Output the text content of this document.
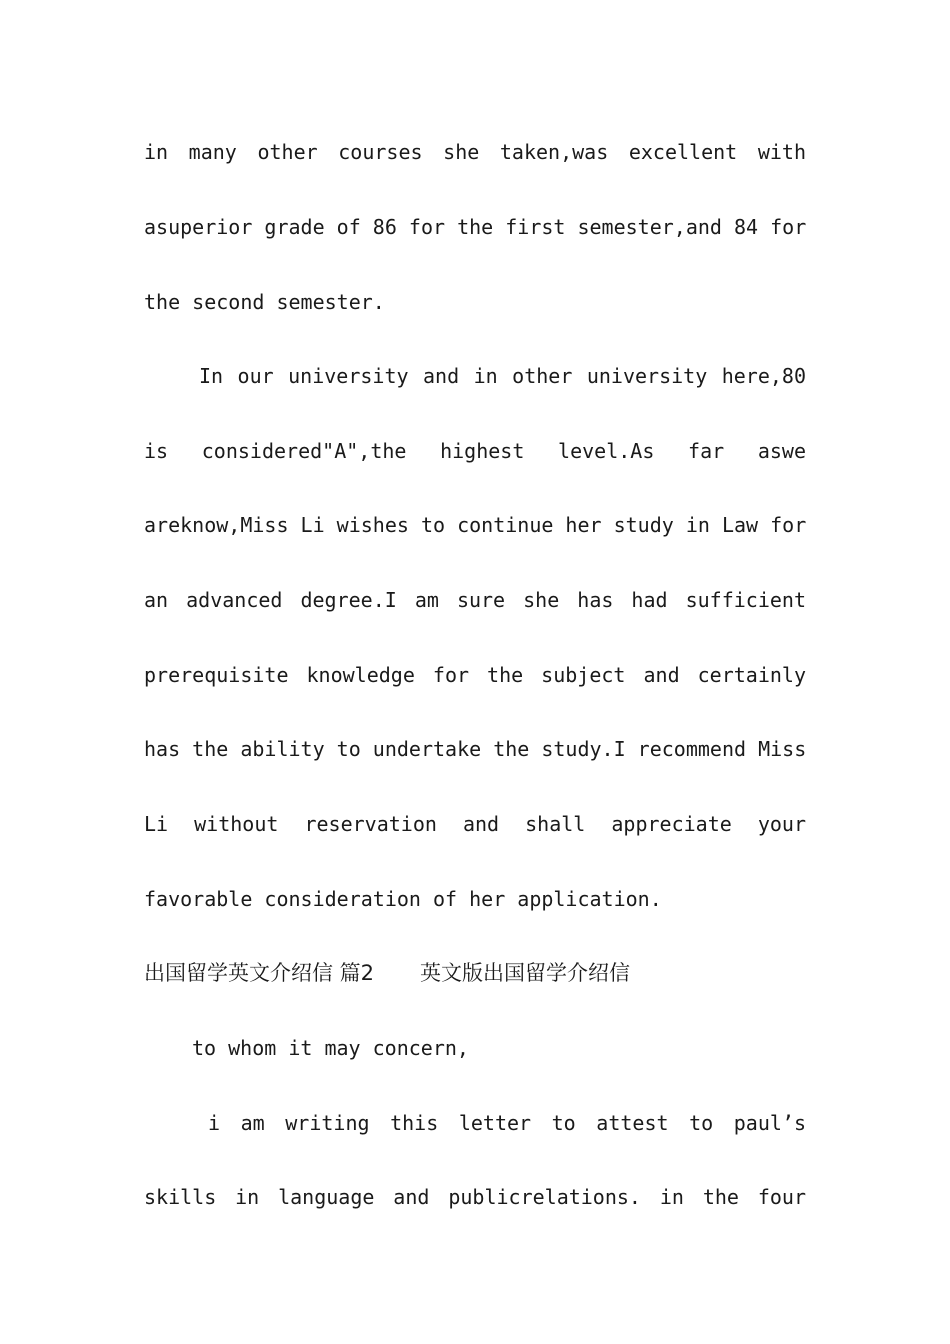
in many other courses she taken,was excellent with
asuperior grade of 86 for the first semester,and 84 for
the second semester.
In our university and in other university here,80
is considered"A",the highest level.As far aswe
areknow,Miss Li wishes to continue her study in Law for
an advanced degree.I am sure she has had sufficient
prerequisite knowledge for the subject and certainly
has the ability to undertake the study.I recommend Miss
Li without reservation and shall appreciate your
favorable consideration of her application.
出国留学英文介绍信 篇2 英文版出国留学介绍信
to whom it may concern,
i am writing this letter to attest to paul’s
skills in language and publicrelations. in the four
